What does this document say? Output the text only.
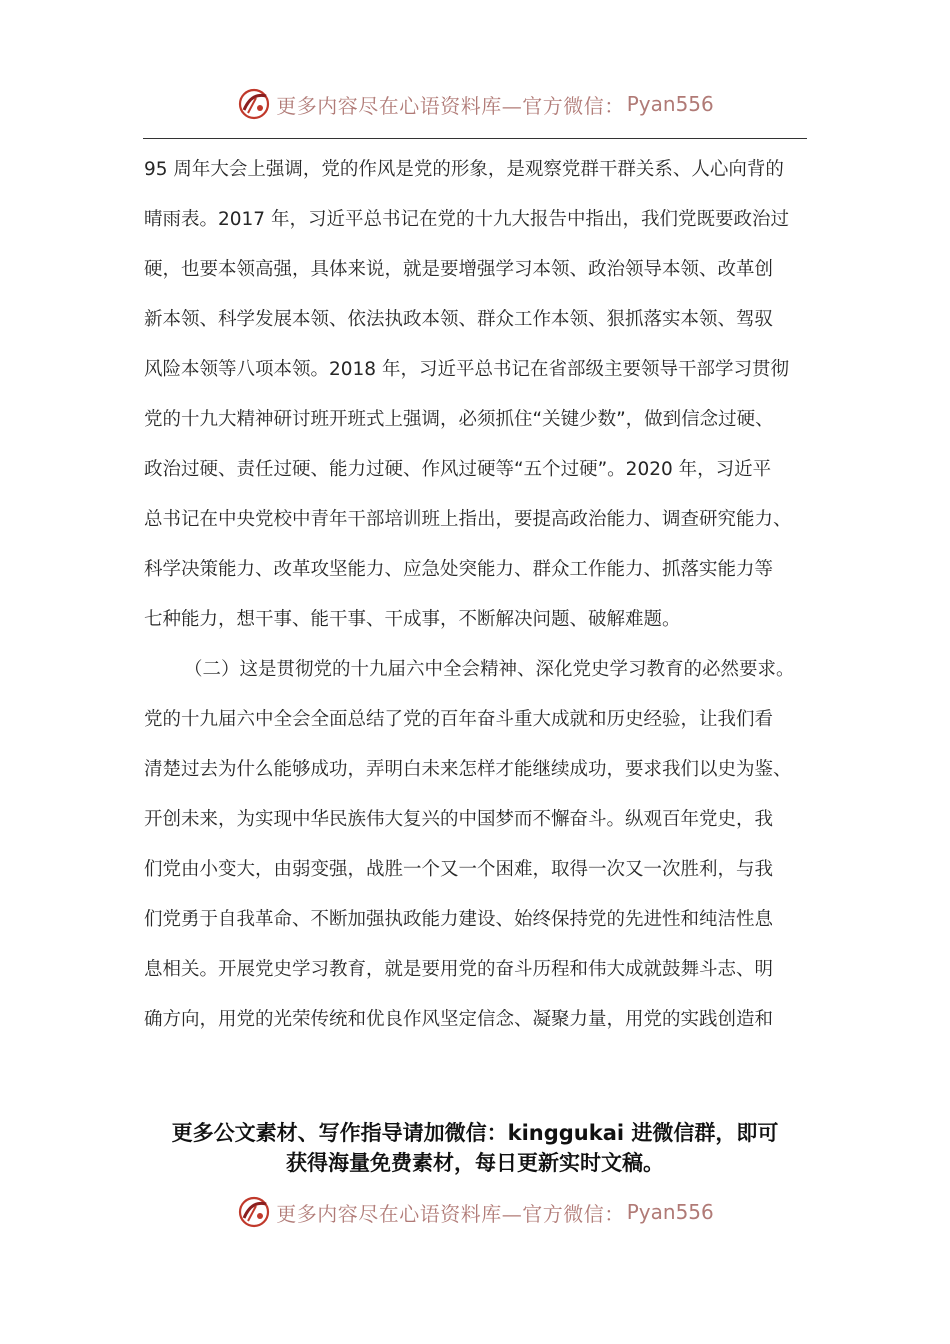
更多内容尽在心语资料库—官方微信： Pyan556
95 周年大会上强调，党的作风是党的形象，是观察党群干群关系、人心向背的
晴雨表。2017 年，习近平总书记在党的十九大报告中指出，我们党既要政治过
硬，也要本领高强，具体来说，就是要增强学习本领、政治领导本领、改革创
新本领、科学发展本领、依法执政本领、群众工作本领、狠抓落实本领、驾驭
风险本领等八项本领。2018 年，习近平总书记在省部级主要领导干部学习贯彻
党的十九大精神研讨班开班式上强调，必须抓住“关键少数”，做到信念过硬、
政治过硬、责任过硬、能力过硬、作风过硬等“五个过硬”。2020 年，习近平
总书记在中央党校中青年干部培训班上指出，要提高政治能力、调查研究能力、
科学决策能力、改革攻坚能力、应急处突能力、群众工作能力、抓落实能力等
七种能力，想干事、能干事、干成事，不断解决问题、破解难题。
（二）这是贯彻党的十九届六中全会精神、深化党史学习教育的必然要求。
党的十九届六中全会全面总结了党的百年奋斗重大成就和历史经验，让我们看
清楚过去为什么能够成功，弄明白未来怎样才能继续成功，要求我们以史为鉴、
开创未来，为实现中华民族伟大复兴的中国梦而不懈奋斗。纵观百年党史，我
们党由小变大，由弱变强，战胜一个又一个困难，取得一次又一次胜利，与我
们党勇于自我革命、不断加强执政能力建设、始终保持党的先进性和纯洁性息
息相关。开展党史学习教育，就是要用党的奋斗历程和伟大成就鼓舞斗志、明
确方向，用党的光荣传统和优良作风坚定信念、凝聚力量，用党的实践创造和
更多公文素材、写作指导请加微信：kinggukai 进微信群，即可
获得海量免费素材，每日更新实时文稿。
更多内容尽在心语资料库—官方微信： Pyan556
